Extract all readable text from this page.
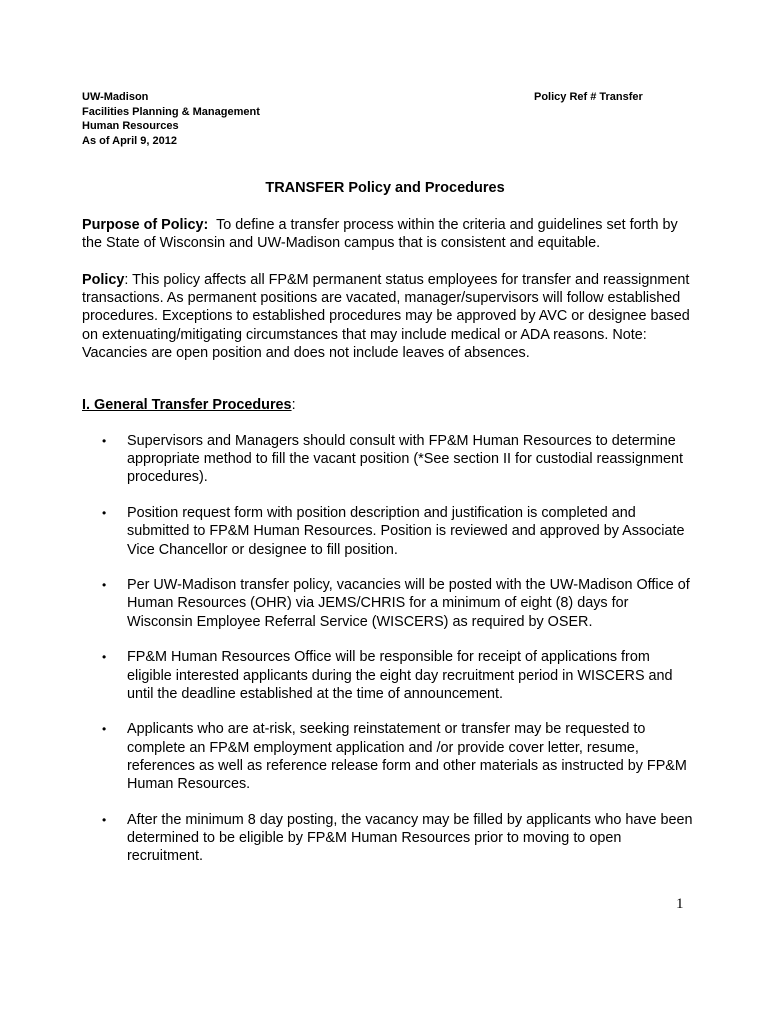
UW-Madison
Facilities Planning & Management
Human Resources
As of April 9, 2012
Policy Ref # Transfer
TRANSFER Policy and Procedures
Purpose of Policy: To define a transfer process within the criteria and guidelines set forth by the State of Wisconsin and UW-Madison campus that is consistent and equitable.
Policy: This policy affects all FP&M permanent status employees for transfer and reassignment transactions. As permanent positions are vacated, manager/supervisors will follow established procedures. Exceptions to established procedures may be approved by AVC or designee based on extenuating/mitigating circumstances that may include medical or ADA reasons. Note: Vacancies are open position and does not include leaves of absences.
I. General Transfer Procedures:
• Supervisors and Managers should consult with FP&M Human Resources to determine appropriate method to fill the vacant position (*See section II for custodial reassignment procedures).
• Position request form with position description and justification is completed and submitted to FP&M Human Resources. Position is reviewed and approved by Associate Vice Chancellor or designee to fill position.
• Per UW-Madison transfer policy, vacancies will be posted with the UW-Madison Office of Human Resources (OHR) via JEMS/CHRIS for a minimum of eight (8) days for Wisconsin Employee Referral Service (WISCERS) as required by OSER.
• FP&M Human Resources Office will be responsible for receipt of applications from eligible interested applicants during the eight day recruitment period in WISCERS and until the deadline established at the time of announcement.
• Applicants who are at-risk, seeking reinstatement or transfer may be requested to complete an FP&M employment application and /or provide cover letter, resume, references as well as reference release form and other materials as instructed by FP&M Human Resources.
• After the minimum 8 day posting, the vacancy may be filled by applicants who have been determined to be eligible by FP&M Human Resources prior to moving to open recruitment.
1
